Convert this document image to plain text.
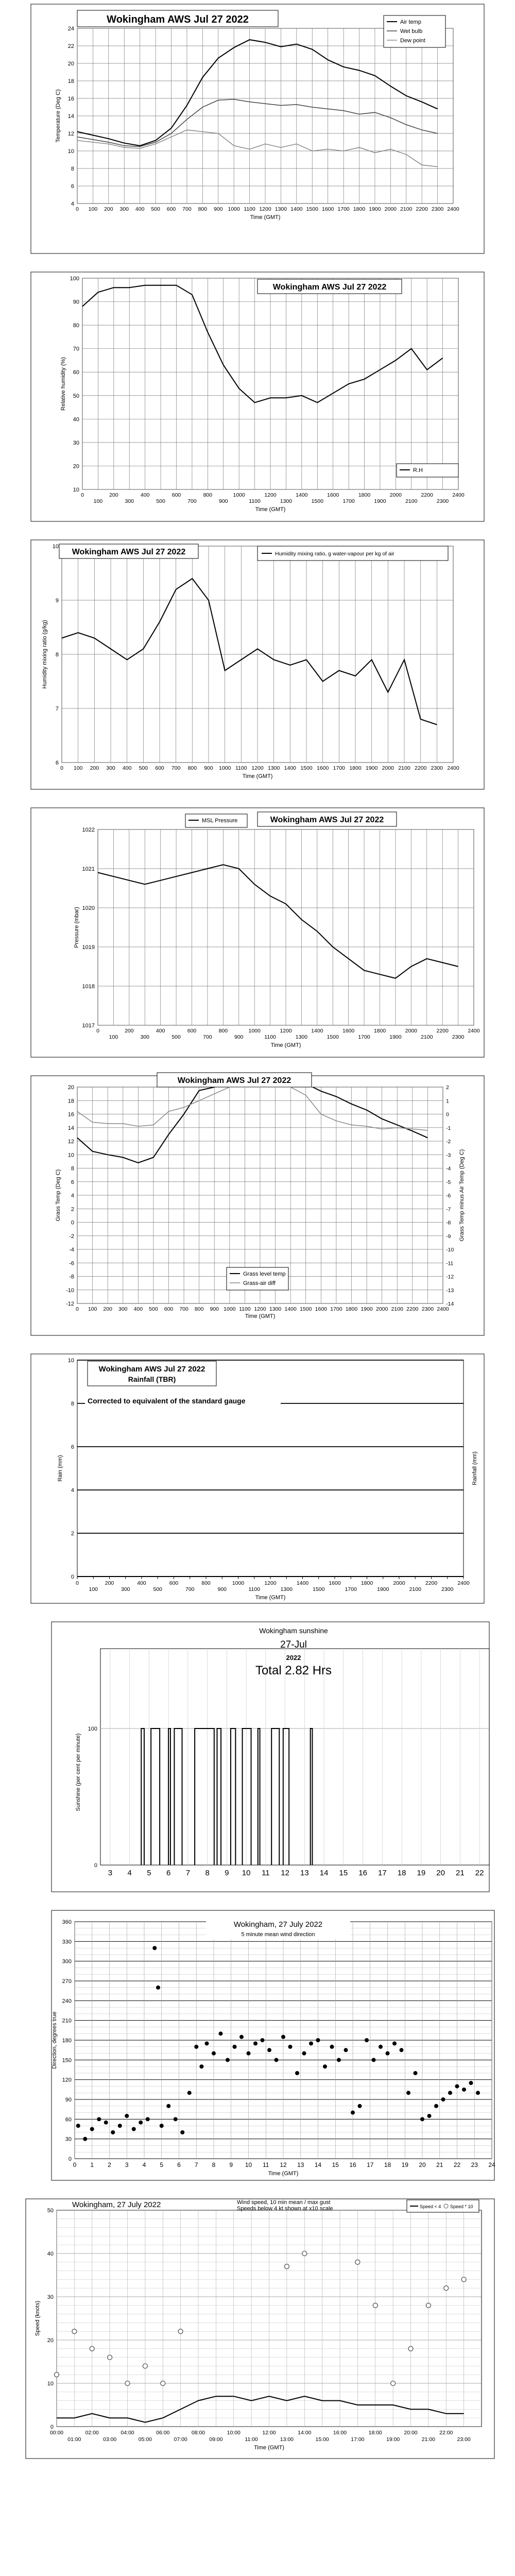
4
6
8
10
12
14
16
18
20
22
24
0 100 200 300 400 500 600 700 800 900 1000 1100 1200 1300 1400 1500 1600 1700 1800 1900 2000 2100 2200 2300 2400
Time (GMT)
Temperature (Deg C)
Wokingham AWS Jul 27 2022	Air temp
Wet bulb
Dew point
10
20
30
40
50
60
70
80
90
100
0
100
200
300
400
500
600
700
800
900
1000
1100
1200
1300
1400
1500
1600
1700
1800
1900
2000
2100
2200
2300
2400
Time (GMT)
Relative humidity (%)
Wokingham AWS Jul 27 2022
R.H
6
7
8
9
10
0 100 200 300 400 500 600 700 800 900 1000 1100 1200 1300 1400 1500 1600 1700 1800 1900 2000 2100 2200 2300 2400
Time (GMT)
Humidity mixing ratio (g/kg)
Wokingham AWS Jul 27 2022	Humidity mixing ratio, g water-vapour per kg of air
1017
1018
1019
1020
1021
1022
0
100
200
300
400
500
600
700
800
900
1000
1100
1200
1300
1400
1500
1600
1700
1800
1900
2000
2100
2200
2300
2400
Time (GMT)
Pressure (mbar)
Wokingham AWS Jul 27 2022
MSL Pressure
-12
-10
-8
-6
-4
-2
0
2
4
6
8
10
12
14
16
18
20
-14
-13
-12
-11
-10
-9
-8
-7
-6
-5
-4
-3
-2
-1
0
1
2
0 100 200 300 400 500 600 700 800 900 1000 1100 1200 1300 1400 1500 1600 1700 1800 1900 2000 2100 2200 2300 2400
Time (GMT)
Grass Temp (Deg C)	Grass Temp minus Air Temp (Deg C)
Wokingham AWS Jul 27 2022
Grass level temp
Grass-air diff
0
2
4
6
8
10
0
100
200
300
400
500
600
700
800
900
1000
1100
1200
1300
1400
1500
1600
1700
1800
1900
2000
2100
2200
2300
2400
Time (GMT)
Rain (mm)	Rainfall (mm)
Wokingham AWS Jul 27 2022
Rainfall (TBR)
Corrected to equivalent of the standard gauge
100
0
3 4 5 6 7 8 9 10 11 12 13 14 15 16 17 18 19 20 21 22
Sunshine (per cent per minute)
Wokingham sunshine
27-Jul
2022
Total 2.82 Hrs
0
30
60
90
120
150
180
210
240
270
300
330
360
0 1 2 3 4 5 6 7 8 9 10 11 12 13 14 15 16 17 18 19 20 21 22 23 24
Time (GMT)
Direction, degrees true
Wokingham, 27 July 2022
5 minute mean wind direction
0
10
20
30
40
50
00:00
01:00
02:00
03:00
04:00
05:00
06:00
07:00
08:00
09:00
10:00
11:00
12:00
13:00
14:00
15:00
16:00
17:00
18:00
19:00
20:00
21:00
22:00
23:00
Time (GMT)
Speed (knots)
Wokingham, 27 July 2022	Wind speed, 10 min mean / max gust
Speeds below 4 kt shown at x10 scale	Speed < 4 Speed * 10
